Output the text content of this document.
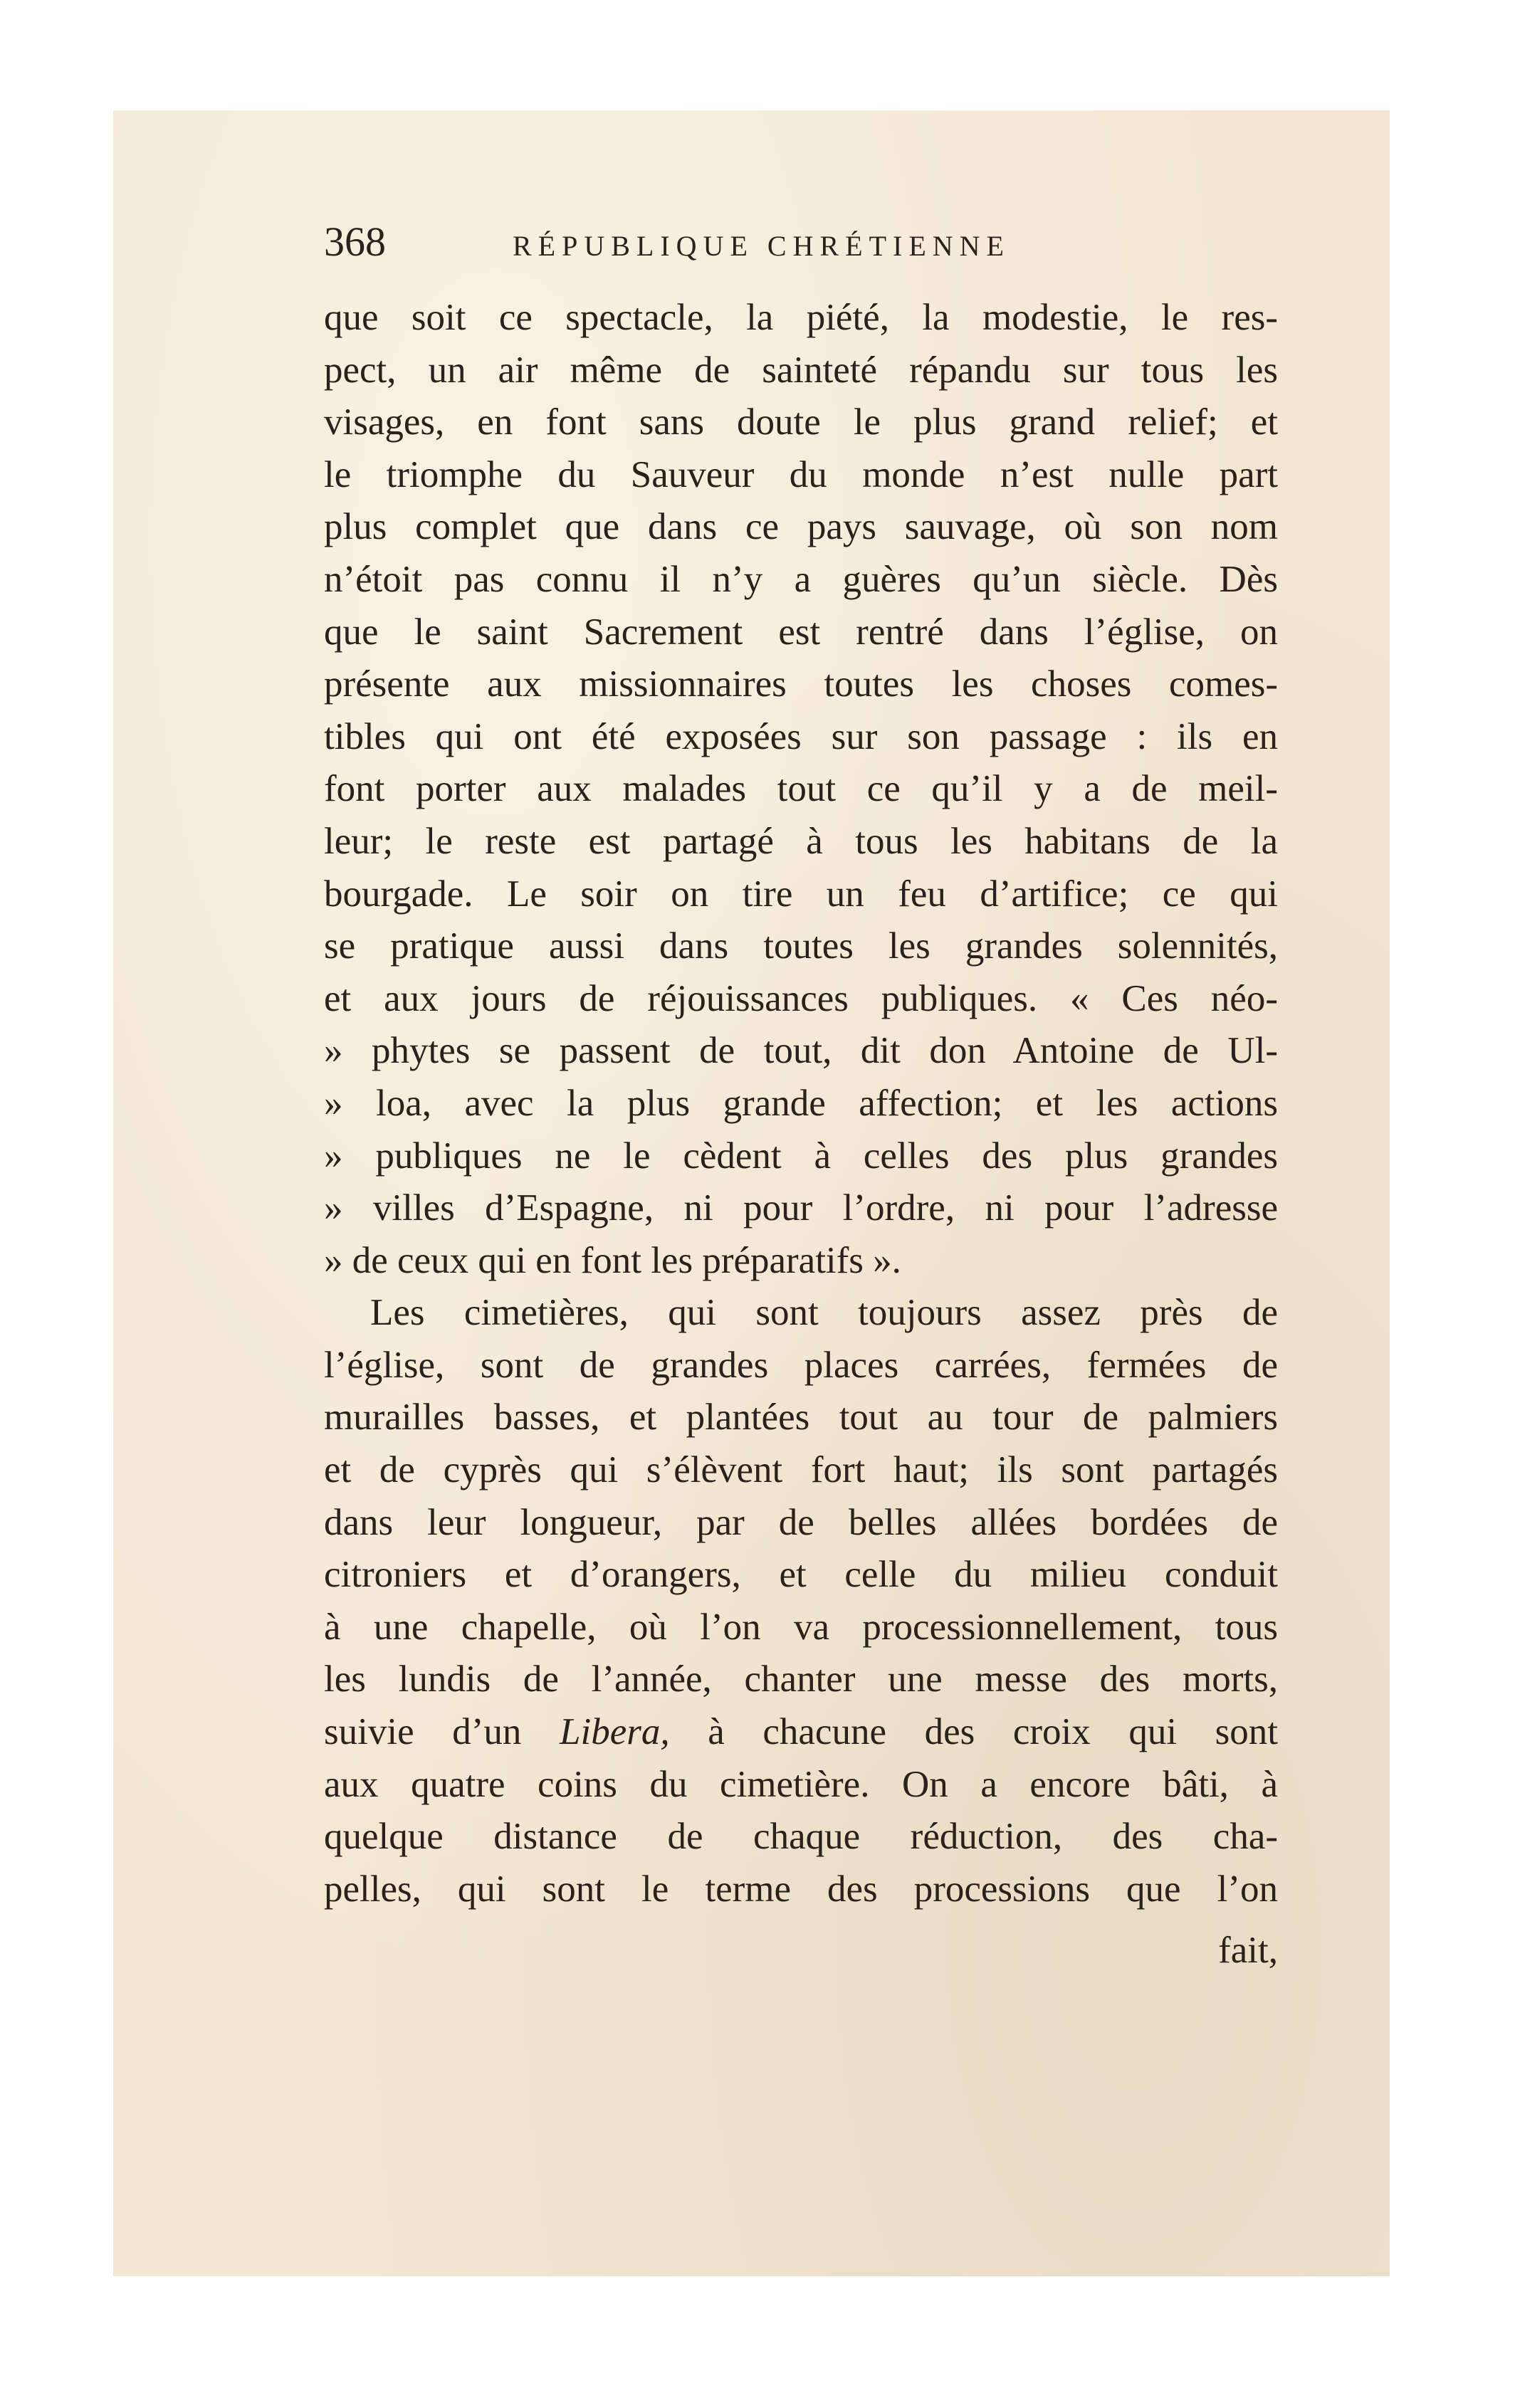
368	RÉPUBLIQUE CHRÉTIENNE
que soit ce spectacle, la piété, la modestie, le res-
pect, un air même de sainteté répandu sur tous les
visages, en font sans doute le plus grand relief; et
le triomphe du Sauveur du monde n’est nulle part
plus complet que dans ce pays sauvage, où son nom
n’étoit pas connu il n’y a guères qu’un siècle. Dès
que le saint Sacrement est rentré dans l’église, on
présente aux missionnaires toutes les choses comes-
tibles qui ont été exposées sur son passage : ils en
font porter aux malades tout ce qu’il y a de meil-
leur; le reste est partagé à tous les habitans de la
bourgade. Le soir on tire un feu d’artifice; ce qui
se pratique aussi dans toutes les grandes solennités,
et aux jours de réjouissances publiques. « Ces néo-
» phytes se passent de tout, dit don Antoine de Ul-
» loa, avec la plus grande affection; et les actions
» publiques ne le cèdent à celles des plus grandes
» villes d’Espagne, ni pour l’ordre, ni pour l’adresse
» de ceux qui en font les préparatifs ».
Les cimetières, qui sont toujours assez près de
l’église, sont de grandes places carrées, fermées de
murailles basses, et plantées tout au tour de palmiers
et de cyprès qui s’élèvent fort haut; ils sont partagés
dans leur longueur, par de belles allées bordées de
citroniers et d’orangers, et celle du milieu conduit
à une chapelle, où l’on va processionnellement, tous
les lundis de l’année, chanter une messe des morts,
suivie d’un Libera, à chacune des croix qui sont
aux quatre coins du cimetière. On a encore bâti, à
quelque distance de chaque réduction, des cha-
pelles, qui sont le terme des processions que l’on
fait,
